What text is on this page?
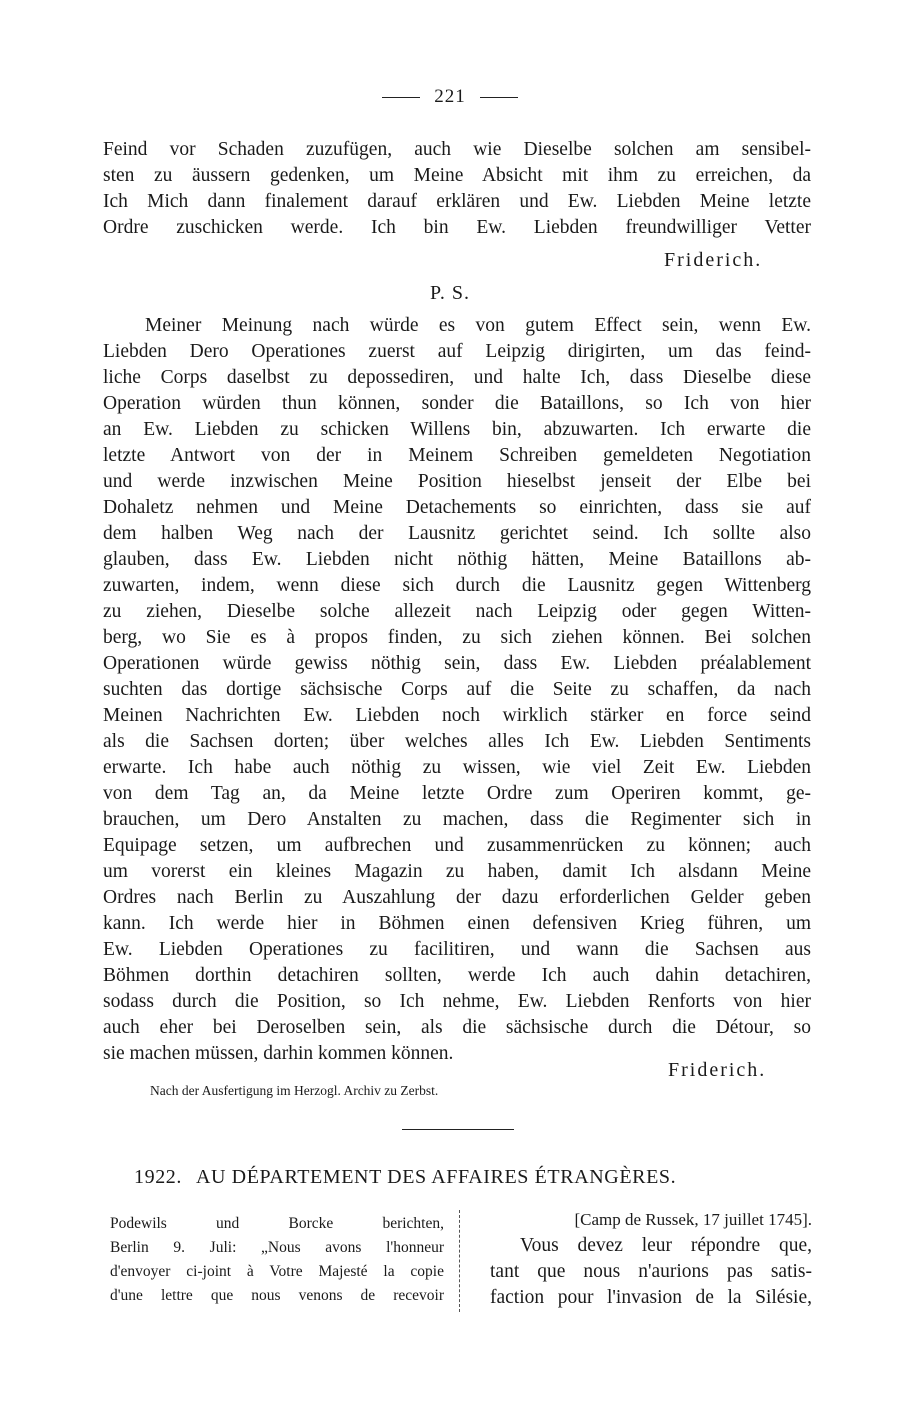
221
Feind vor Schaden zuzufügen, auch wie Dieselbe solchen am sensibel-
sten zu äussern gedenken, um Meine Absicht mit ihm zu erreichen, da
Ich Mich dann finalement darauf erklären und Ew. Liebden Meine letzte
Ordre zuschicken werde. Ich bin Ew. Liebden freundwilliger Vetter
Friderich.
P. S.
Meiner Meinung nach würde es von gutem Effect sein, wenn Ew.
Liebden Dero Operationes zuerst auf Leipzig dirigirten, um das feind-
liche Corps daselbst zu depossediren, und halte Ich, dass Dieselbe diese
Operation würden thun können, sonder die Bataillons, so Ich von hier
an Ew. Liebden zu schicken Willens bin, abzuwarten. Ich erwarte die
letzte Antwort von der in Meinem Schreiben gemeldeten Negotiation
und werde inzwischen Meine Position hieselbst jenseit der Elbe bei
Dohaletz nehmen und Meine Detachements so einrichten, dass sie auf
dem halben Weg nach der Lausnitz gerichtet seind. Ich sollte also
glauben, dass Ew. Liebden nicht nöthig hätten, Meine Bataillons ab-
zuwarten, indem, wenn diese sich durch die Lausnitz gegen Wittenberg
zu ziehen, Dieselbe solche allezeit nach Leipzig oder gegen Witten-
berg, wo Sie es à propos finden, zu sich ziehen können. Bei solchen
Operationen würde gewiss nöthig sein, dass Ew. Liebden préalablement
suchten das dortige sächsische Corps auf die Seite zu schaffen, da nach
Meinen Nachrichten Ew. Liebden noch wirklich stärker en force seind
als die Sachsen dorten; über welches alles Ich Ew. Liebden Sentiments
erwarte. Ich habe auch nöthig zu wissen, wie viel Zeit Ew. Liebden
von dem Tag an, da Meine letzte Ordre zum Operiren kommt, ge-
brauchen, um Dero Anstalten zu machen, dass die Regimenter sich in
Equipage setzen, um aufbrechen und zusammenrücken zu können; auch
um vorerst ein kleines Magazin zu haben, damit Ich alsdann Meine
Ordres nach Berlin zu Auszahlung der dazu erforderlichen Gelder geben
kann. Ich werde hier in Böhmen einen defensiven Krieg führen, um
Ew. Liebden Operationes zu facilitiren, und wann die Sachsen aus
Böhmen dorthin detachiren sollten, werde Ich auch dahin detachiren,
sodass durch die Position, so Ich nehme, Ew. Liebden Renforts von hier
auch eher bei Deroselben sein, als die sächsische durch die Détour, so
sie machen müssen, darhin kommen können.
Friderich.
Nach der Ausfertigung im Herzogl. Archiv zu Zerbst.
1922. AU DÉPARTEMENT DES AFFAIRES ÉTRANGÈRES.
Podewils und Borcke berichten,
Berlin 9. Juli: „Nous avons l'honneur
d'envoyer ci-joint à Votre Majesté la copie
d'une lettre que nous venons de recevoir
[Camp de Russek, 17 juillet 1745].
Vous devez leur répondre que,
tant que nous n'aurions pas satis-
faction pour l'invasion de la Silésie,
